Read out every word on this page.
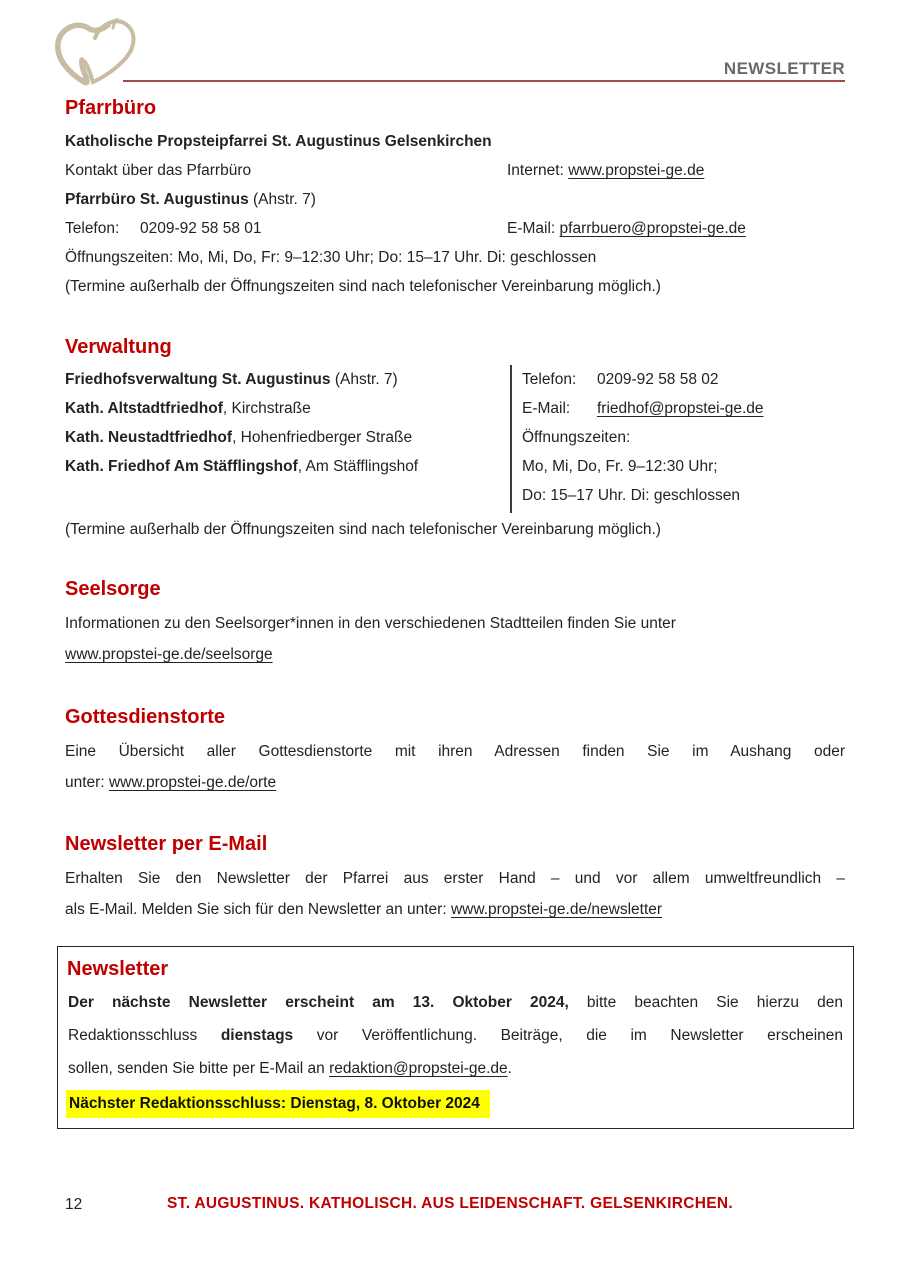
NEWSLETTER
Pfarrbüro
Katholische Propsteipfarrei St. Augustinus Gelsenkirchen
Kontakt über das Pfarrbüro	Internet: www.propstei-ge.de
Pfarrbüro St. Augustinus (Ahstr. 7)
Telefon: 0209-92 58 58 01	E-Mail: pfarrbuero@propstei-ge.de
Öffnungszeiten: Mo, Mi, Do, Fr: 9–12:30 Uhr; Do: 15–17 Uhr. Di: geschlossen
(Termine außerhalb der Öffnungszeiten sind nach telefonischer Vereinbarung möglich.)
Verwaltung
Friedhofsverwaltung St. Augustinus (Ahstr. 7)
Kath. Altstadtfriedhof, Kirchstraße
Kath. Neustadtfriedhof, Hohenfriedberger Straße
Kath. Friedhof Am Stäfflingshof, Am Stäfflingshof
Telefon: 0209-92 58 58 02
E-Mail: friedhof@propstei-ge.de
Öffnungszeiten:
Mo, Mi, Do, Fr. 9–12:30 Uhr;
Do: 15–17 Uhr. Di: geschlossen
(Termine außerhalb der Öffnungszeiten sind nach telefonischer Vereinbarung möglich.)
Seelsorge
Informationen zu den Seelsorger*innen in den verschiedenen Stadtteilen finden Sie unter
www.propstei-ge.de/seelsorge
Gottesdienstorte
Eine Übersicht aller Gottesdienstorte mit ihren Adressen finden Sie im Aushang oder
unter: www.propstei-ge.de/orte
Newsletter per E-Mail
Erhalten Sie den Newsletter der Pfarrei aus erster Hand – und vor allem umweltfreundlich –
als E-Mail. Melden Sie sich für den Newsletter an unter: www.propstei-ge.de/newsletter
Newsletter
Der nächste Newsletter erscheint am 13. Oktober 2024, bitte beachten Sie hierzu den
Redaktionsschluss dienstags vor Veröffentlichung. Beiträge, die im Newsletter erscheinen
sollen, senden Sie bitte per E-Mail an redaktion@propstei-ge.de.
Nächster Redaktionsschluss: Dienstag, 8. Oktober 2024
12	ST. AUGUSTINUS. KATHOLISCH. AUS LEIDENSCHAFT. GELSENKIRCHEN.
